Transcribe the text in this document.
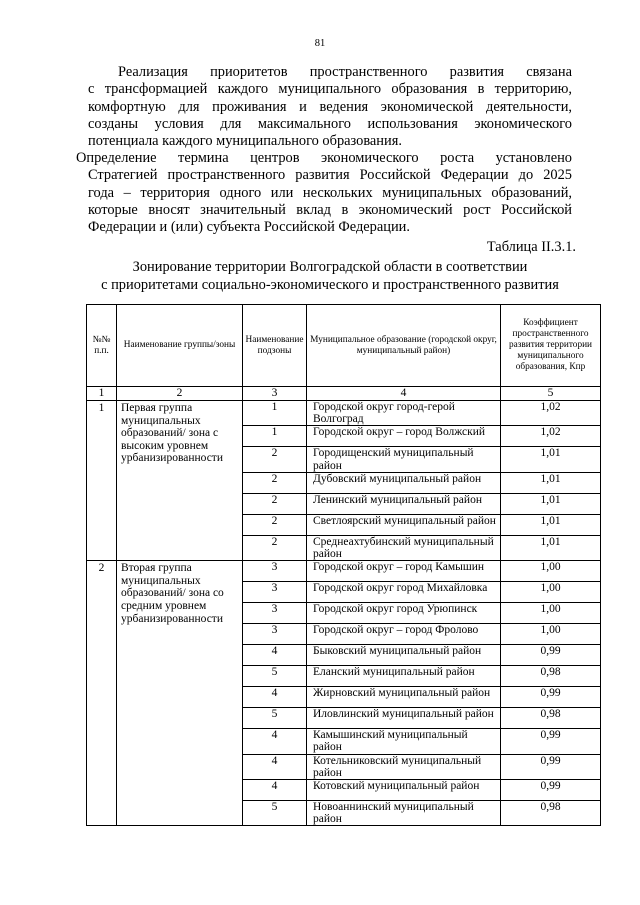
81
Реализация приоритетов пространственного развития связана
с трансформацией каждого муниципального образования в территорию,
комфортную для проживания и ведения экономической деятельности,
созданы условия для максимального использования экономического
потенциала каждого муниципального образования.
Определение термина центров экономического роста установлено
Стратегией пространственного развития Российской Федерации до 2025
года – территория одного или нескольких муниципальных образований,
которые вносят значительный вклад в экономический рост Российской
Федерации и (или) субъекта Российской Федерации.
Таблица II.3.1.
Зонирование территории Волгоградской области в соответствии
с приоритетами социально-экономического и пространственного развития
№№ п.п.	Наименование группы/зоны	Наименование подзоны	Муниципальное образование (городской округ, муниципальный район)	Коэффициент пространственного развития территории муниципального образования, Кпр
1	2	3	4	5
1	Первая группа муниципальных образований/ зона с высоким уровнем урбанизированности	1	Городской округ город-герой Волгоград	1,02
		1	Городской округ – город Волжский	1,02
		2	Городищенский муниципальный район	1,01
		2	Дубовский муниципальный район	1,01
		2	Ленинский муниципальный район	1,01
		2	Светлоярский муниципальный район	1,01
		2	Среднеахтубинский муниципальный район	1,01
2	Вторая группа муниципальных образований/ зона со средним уровнем урбанизированности	3	Городской округ – город Камышин	1,00
		3	Городской округ город Михайловка	1,00
		3	Городской округ город Урюпинск	1,00
		3	Городской округ – город Фролово	1,00
		4	Быковский муниципальный район	0,99
		5	Еланский муниципальный район	0,98
		4	Жирновский муниципальный район	0,99
		5	Иловлинский муниципальный район	0,98
		4	Камышинский муниципальный район	0,99
		4	Котельниковский муниципальный район	0,99
		4	Котовский муниципальный район	0,99
		5	Новоаннинский муниципальный район	0,98
